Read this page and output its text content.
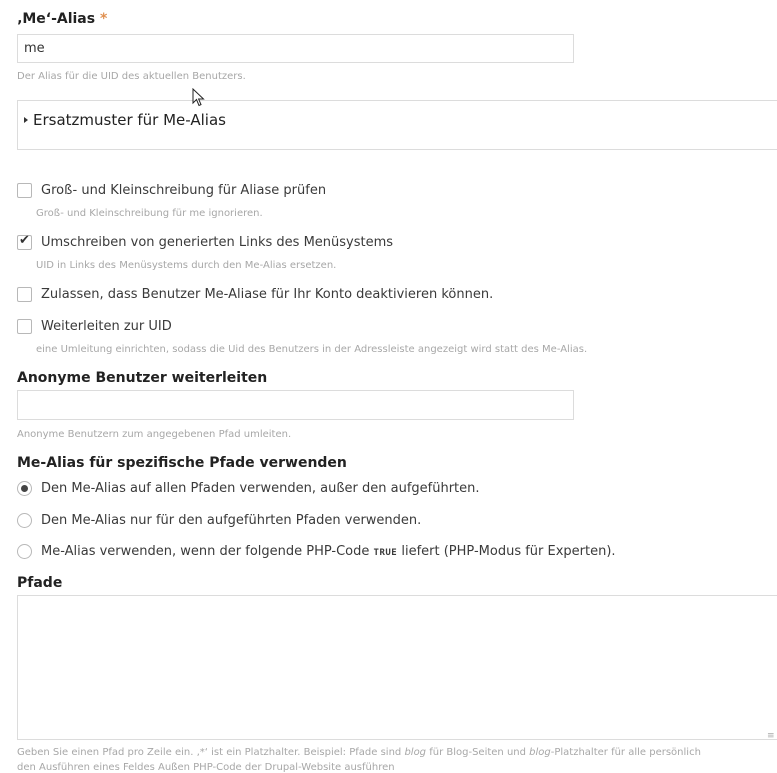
‚Me‘-Alias *
me
Der Alias für die UID des aktuellen Benutzers.
Ersatzmuster für Me-Alias
Groß- und Kleinschreibung für Aliase prüfen
Groß- und Kleinschreibung für me ignorieren.
✔ Umschreiben von generierten Links des Menüsystems
UID in Links des Menüsystems durch den Me-Alias ersetzen.
Zulassen, dass Benutzer Me-Aliase für Ihr Konto deaktivieren können.
Weiterleiten zur UID
eine Umleitung einrichten, sodass die Uid des Benutzers in der Adressleiste angezeigt wird statt des Me-Alias.
Anonyme Benutzer weiterleiten
Anonyme Benutzern zum angegebenen Pfad umleiten.
Me-Alias für spezifische Pfade verwenden
Den Me-Alias auf allen Pfaden verwenden, außer den aufgeführten.
Den Me-Alias nur für den aufgeführten Pfaden verwenden.
Me-Alias verwenden, wenn der folgende PHP-Code TRUE liefert (PHP-Modus für Experten).
Pfade
≡
Geben Sie einen Pfad pro Zeile ein. ‚*‘ ist ein Platzhalter. Beispiel: Pfade sind blog für Blog-Seiten und blog-Platzhalter für alle persönlich
den Ausführen eines Feldes Außen PHP-Code der Drupal-Website ausführen
